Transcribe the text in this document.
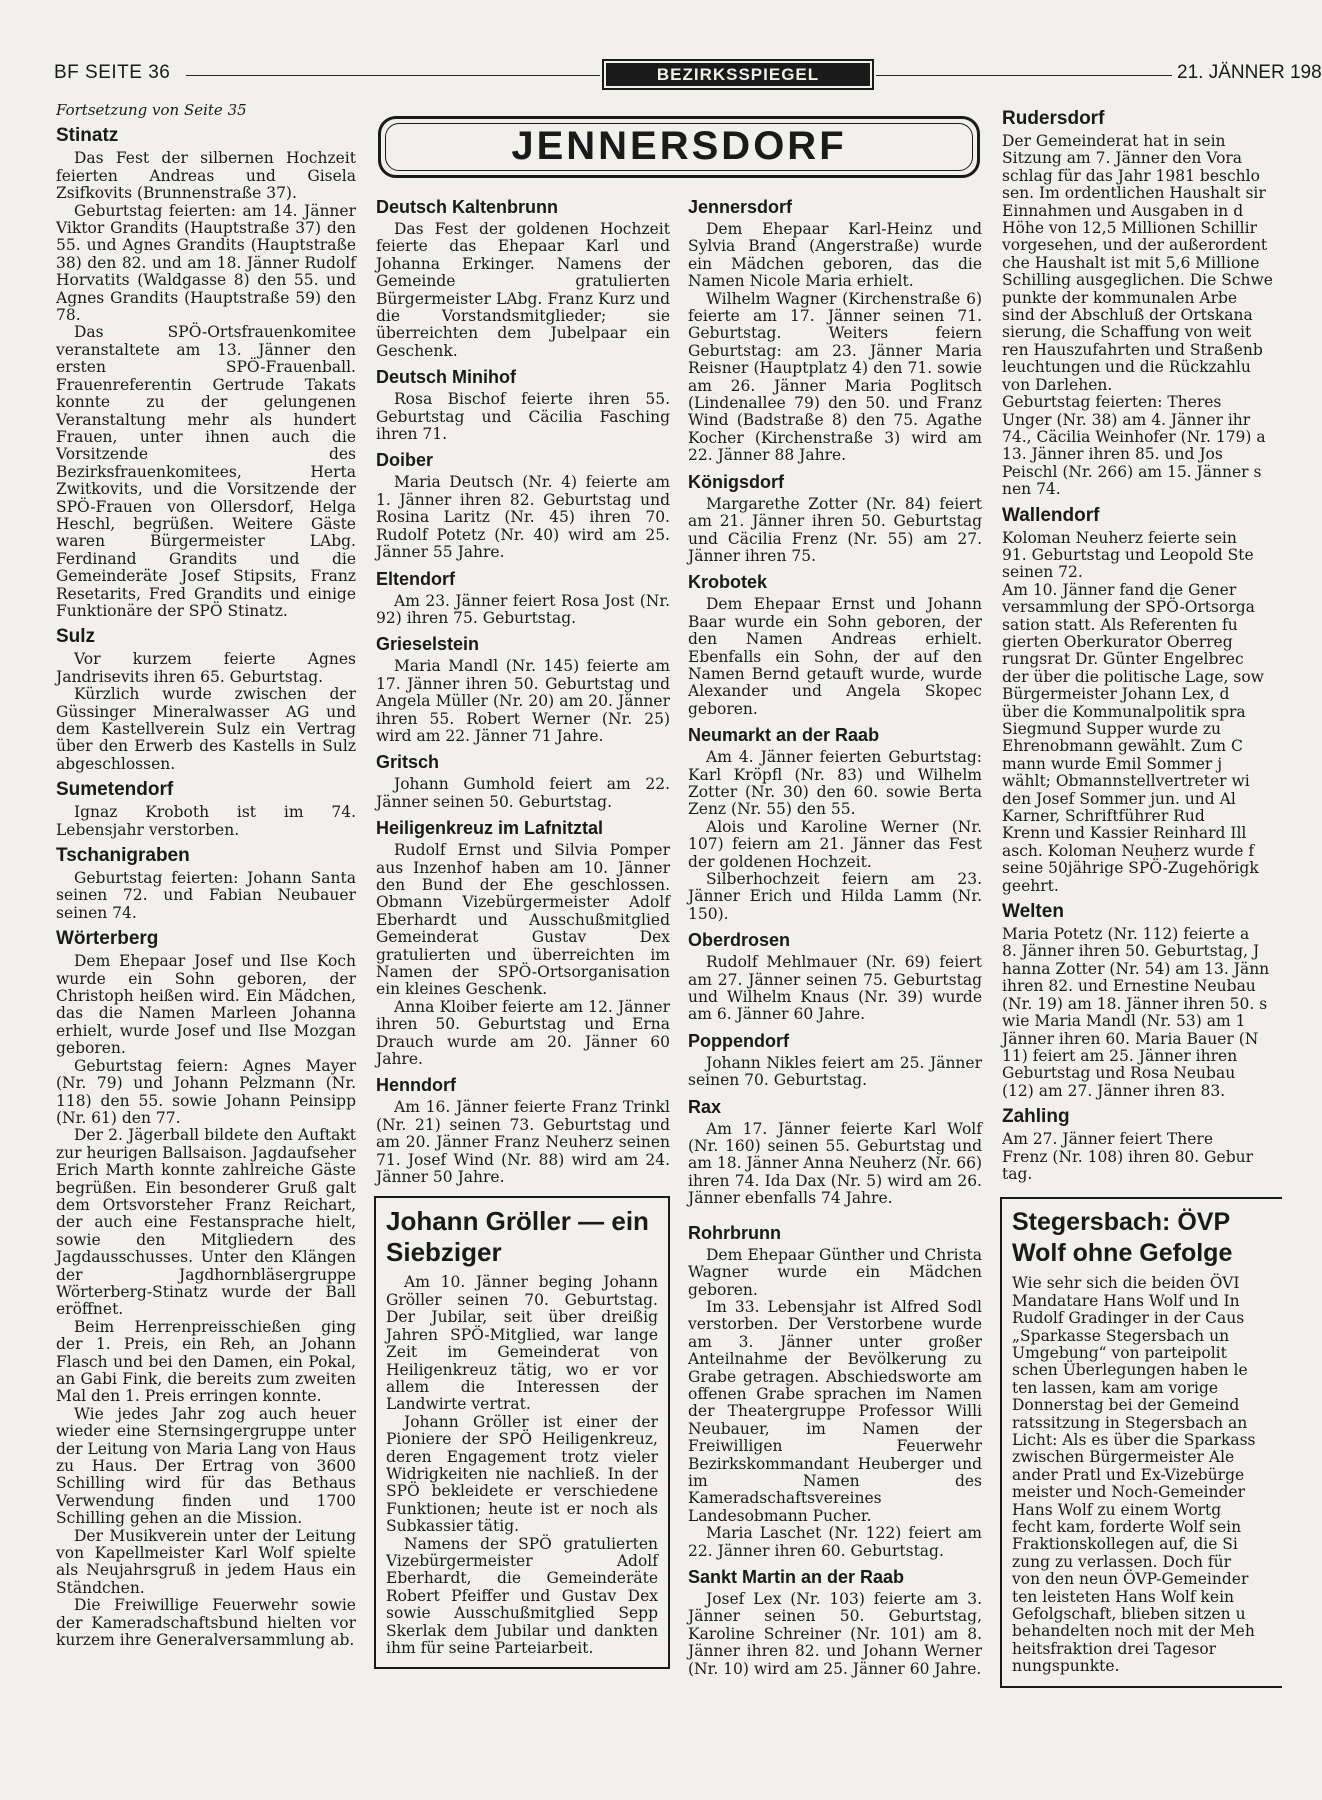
BF SEITE 36	BEZIRKSSPIEGEL	21. JÄNNER 198
JENNERSDORF
Fortsetzung von Seite 35
Stinatz

Das Fest der silbernen Hochzeit feierten Andreas und Gisela Zsifkovits (Brunnenstraße 37).

Geburtstag feierten: am 14. Jänner Viktor Grandits (Hauptstraße 37) den 55. und Agnes Grandits (Hauptstraße 38) den 82. und am 18. Jänner Rudolf Horvatits (Waldgasse 8) den 55. und Agnes Grandits (Hauptstraße 59) den 78.

Das SPÖ-Ortsfrauenkomitee veranstaltete am 13. Jänner den ersten SPÖ-Frauenball. Frauenreferentin Gertrude Takats konnte zu der gelungenen Veranstaltung mehr als hundert Frauen, unter ihnen auch die Vorsitzende des Bezirksfrauenkomitees, Herta Zwitkovits, und die Vorsitzende der SPÖ-Frauen von Ollersdorf, Helga Heschl, begrüßen. Weitere Gäste waren Bürgermeister LAbg. Ferdinand Grandits und die Gemeinderäte Josef Stipsits, Franz Resetarits, Fred Grandits und einige Funktionäre der SPÖ Stinatz.

Sulz

Vor kurzem feierte Agnes Jandrisevits ihren 65. Geburtstag.

Kürzlich wurde zwischen der Güssinger Mineralwasser AG und dem Kastellverein Sulz ein Vertrag über den Erwerb des Kastells in Sulz abgeschlossen.

Sumetendorf

Ignaz Kroboth ist im 74. Lebensjahr verstorben.

Tschanigraben

Geburtstag feierten: Johann Santa seinen 72. und Fabian Neubauer seinen 74.

Wörterberg

Dem Ehepaar Josef und Ilse Koch wurde ein Sohn geboren, der Christoph heißen wird. Ein Mädchen, das die Namen Marleen Johanna erhielt, wurde Josef und Ilse Mozgan geboren.

Geburtstag feiern: Agnes Mayer (Nr. 79) und Johann Pelzmann (Nr. 118) den 55. sowie Johann Peinsipp (Nr. 61) den 77.

Der 2. Jägerball bildete den Auftakt zur heurigen Ballsaison. Jagdaufseher Erich Marth konnte zahlreiche Gäste begrüßen. Ein besonderer Gruß galt dem Ortsvorsteher Franz Reichart, der auch eine Festansprache hielt, sowie den Mitgliedern des Jagdausschusses. Unter den Klängen der Jagdhornbläsergruppe Wörterberg-Stinatz wurde der Ball eröffnet.

Beim Herrenpreisschießen ging der 1. Preis, ein Reh, an Johann Flasch und bei den Damen, ein Pokal, an Gabi Fink, die bereits zum zweiten Mal den 1. Preis erringen konnte.

Wie jedes Jahr zog auch heuer wieder eine Sternsingergruppe unter der Leitung von Maria Lang von Haus zu Haus. Der Ertrag von 3600 Schilling wird für das Bethaus Verwendung finden und 1700 Schilling gehen an die Mission.

Der Musikverein unter der Leitung von Kapellmeister Karl Wolf spielte als Neujahrsgruß in jedem Haus ein Ständchen.

Die Freiwillige Feuerwehr sowie der Kameradschaftsbund hielten vor kurzem ihre Generalversammlung ab.

Deutsch Kaltenbrunn

Das Fest der goldenen Hochzeit feierte das Ehepaar Karl und Johanna Erkinger. Namens der Gemeinde gratulierten Bürgermeister LAbg. Franz Kurz und die Vorstandsmitglieder; sie überreichten dem Jubelpaar ein Geschenk.

Deutsch Minihof

Rosa Bischof feierte ihren 55. Geburtstag und Cäcilia Fasching ihren 71.

Doiber

Maria Deutsch (Nr. 4) feierte am 1. Jänner ihren 82. Geburtstag und Rosina Laritz (Nr. 45) ihren 70. Rudolf Potetz (Nr. 40) wird am 25. Jänner 55 Jahre.

Eltendorf

Am 23. Jänner feiert Rosa Jost (Nr. 92) ihren 75. Geburtstag.

Grieselstein

Maria Mandl (Nr. 145) feierte am 17. Jänner ihren 50. Geburtstag und Angela Müller (Nr. 20) am 20. Jänner ihren 55. Robert Werner (Nr. 25) wird am 22. Jänner 71 Jahre.

Gritsch

Johann Gumhold feiert am 22. Jänner seinen 50. Geburtstag.

Heiligenkreuz im Lafnitztal

Rudolf Ernst und Silvia Pomper aus Inzenhof haben am 10. Jänner den Bund der Ehe geschlossen. Obmann Vizebürgermeister Adolf Eberhardt und Ausschußmitglied Gemeinderat Gustav Dex gratulierten und überreichten im Namen der SPÖ-Ortsorganisation ein kleines Geschenk.

Anna Kloiber feierte am 12. Jänner ihren 50. Geburtstag und Erna Drauch wurde am 20. Jänner 60 Jahre.

Henndorf

Am 16. Jänner feierte Franz Trinkl (Nr. 21) seinen 73. Geburtstag und am 20. Jänner Franz Neuherz seinen 71. Josef Wind (Nr. 88) wird am 24. Jänner 50 Jahre.

Johann Gröller — ein Siebziger

Am 10. Jänner beging Johann Gröller seinen 70. Geburtstag. Der Jubilar, seit über dreißig Jahren SPÖ-Mitglied, war lange Zeit im Gemeinderat von Heiligenkreuz tätig, wo er vor allem die Interessen der Landwirte vertrat.

Johann Gröller ist einer der Pioniere der SPÖ Heiligenkreuz, deren Engagement trotz vieler Widrigkeiten nie nachließ. In der SPÖ bekleidete er verschiedene Funktionen; heute ist er noch als Subkassier tätig.

Namens der SPÖ gratulierten Vizebürgermeister Adolf Eberhardt, die Gemeinderäte Robert Pfeiffer und Gustav Dex sowie Ausschußmitglied Sepp Skerlak dem Jubilar und dankten ihm für seine Parteiarbeit.

Jennersdorf

Dem Ehepaar Karl-Heinz und Sylvia Brand (Angerstraße) wurde ein Mädchen geboren, das die Namen Nicole Maria erhielt.

Wilhelm Wagner (Kirchenstraße 6) feierte am 17. Jänner seinen 71. Geburtstag. Weiters feiern Geburtstag: am 23. Jänner Maria Reisner (Hauptplatz 4) den 71. sowie am 26. Jänner Maria Poglitsch (Lindenallee 79) den 50. und Franz Wind (Badstraße 8) den 75. Agathe Kocher (Kirchenstraße 3) wird am 22. Jänner 88 Jahre.

Königsdorf

Margarethe Zotter (Nr. 84) feiert am 21. Jänner ihren 50. Geburtstag und Cäcilia Frenz (Nr. 55) am 27. Jänner ihren 75.

Krobotek

Dem Ehepaar Ernst und Johann Baar wurde ein Sohn geboren, der den Namen Andreas erhielt. Ebenfalls ein Sohn, der auf den Namen Bernd getauft wurde, wurde Alexander und Angela Skopec geboren.

Neumarkt an der Raab

Am 4. Jänner feierten Geburtstag: Karl Kröpfl (Nr. 83) und Wilhelm Zotter (Nr. 30) den 60. sowie Berta Zenz (Nr. 55) den 55.

Alois und Karoline Werner (Nr. 107) feiern am 21. Jänner das Fest der goldenen Hochzeit.

Silberhochzeit feiern am 23. Jänner Erich und Hilda Lamm (Nr. 150).

Oberdrosen

Rudolf Mehlmauer (Nr. 69) feiert am 27. Jänner seinen 75. Geburtstag und Wilhelm Knaus (Nr. 39) wurde am 6. Jänner 60 Jahre.

Poppendorf

Johann Nikles feiert am 25. Jänner seinen 70. Geburtstag.

Rax

Am 17. Jänner feierte Karl Wolf (Nr. 160) seinen 55. Geburtstag und am 18. Jänner Anna Neuherz (Nr. 66) ihren 74. Ida Dax (Nr. 5) wird am 26. Jänner ebenfalls 74 Jahre.

Rohrbrunn

Dem Ehepaar Günther und Christa Wagner wurde ein Mädchen geboren.

Im 33. Lebensjahr ist Alfred Sodl verstorben. Der Verstorbene wurde am 3. Jänner unter großer Anteilnahme der Bevölkerung zu Grabe getragen. Abschiedsworte am offenen Grabe sprachen im Namen der Theatergruppe Professor Willi Neubauer, im Namen der Freiwilligen Feuerwehr Bezirkskommandant Heuberger und im Namen des Kameradschaftsvereines Landesobmann Pucher.

Maria Laschet (Nr. 122) feiert am 22. Jänner ihren 60. Geburtstag.

Sankt Martin an der Raab

Josef Lex (Nr. 103) feierte am 3. Jänner seinen 50. Geburtstag, Karoline Schreiner (Nr. 101) am 8. Jänner ihren 82. und Johann Werner (Nr. 10) wird am 25. Jänner 60 Jahre.

Rudersdorf
Der Gemeinderat hat in sein
Sitzung am 7. Jänner den Vora
schlag für das Jahr 1981 beschlo
sen. Im ordentlichen Haushalt sir
Einnahmen und Ausgaben in d
Höhe von 12,5 Millionen Schillir
vorgesehen, und der außerordent
che Haushalt ist mit 5,6 Millione
Schilling ausgeglichen. Die Schwe
punkte der kommunalen Arbe
sind der Abschluß der Ortskana
sierung, die Schaffung von weit
ren Hauszufahrten und Straßenb
leuchtungen und die Rückzahlu
von Darlehen.
Geburtstag feierten: Theres
Unger (Nr. 38) am 4. Jänner ihr
74., Cäcilia Weinhofer (Nr. 179) a
13. Jänner ihren 85. und Jos
Peischl (Nr. 266) am 15. Jänner s
nen 74.
Wallendorf
Koloman Neuherz feierte sein
91. Geburtstag und Leopold Ste
seinen 72.
Am 10. Jänner fand die Gener
versammlung der SPÖ-Ortsorga
sation statt. Als Referenten fu
gierten Oberkurator Oberreg
rungsrat Dr. Günter Engelbrec
der über die politische Lage, sow
Bürgermeister Johann Lex, d
über die Kommunalpolitik spra
Siegmund Supper wurde zu
Ehrenobmann gewählt. Zum C
mann wurde Emil Sommer j
wählt; Obmannstellvertreter wi
den Josef Sommer jun. und Al
Karner, Schriftführer Rud
Krenn und Kassier Reinhard Ill
asch. Koloman Neuherz wurde f
seine 50jährige SPÖ-Zugehörigk
geehrt.
Welten
Maria Potetz (Nr. 112) feierte a
8. Jänner ihren 50. Geburtstag, J
hanna Zotter (Nr. 54) am 13. Jänn
ihren 82. und Ernestine Neubau
(Nr. 19) am 18. Jänner ihren 50. s
wie Maria Mandl (Nr. 53) am 1
Jänner ihren 60. Maria Bauer (N
11) feiert am 25. Jänner ihren
Geburtstag und Rosa Neubau
(12) am 27. Jänner ihren 83.
Zahling
Am 27. Jänner feiert There
Frenz (Nr. 108) ihren 80. Gebur
tag.
Stegersbach: ÖVP
Wolf ohne Gefolge
Wie sehr sich die beiden ÖVI
Mandatare Hans Wolf und In
Rudolf Gradinger in der Caus
„Sparkasse Stegersbach un
Umgebung“ von parteipolit
schen Überlegungen haben le
ten lassen, kam am vorige
Donnerstag bei der Gemeind
ratssitzung in Stegersbach an
Licht: Als es über die Sparkass
zwischen Bürgermeister Ale
ander Pratl und Ex-Vizebürge
meister und Noch-Gemeinder
Hans Wolf zu einem Wortg
fecht kam, forderte Wolf sein
Fraktionskollegen auf, die Si
zung zu verlassen. Doch für
von den neun ÖVP-Gemeinder
ten leisteten Hans Wolf kein
Gefolgschaft, blieben sitzen u
behandelten noch mit der Meh
heitsfraktion drei Tagesor
nungspunkte.
